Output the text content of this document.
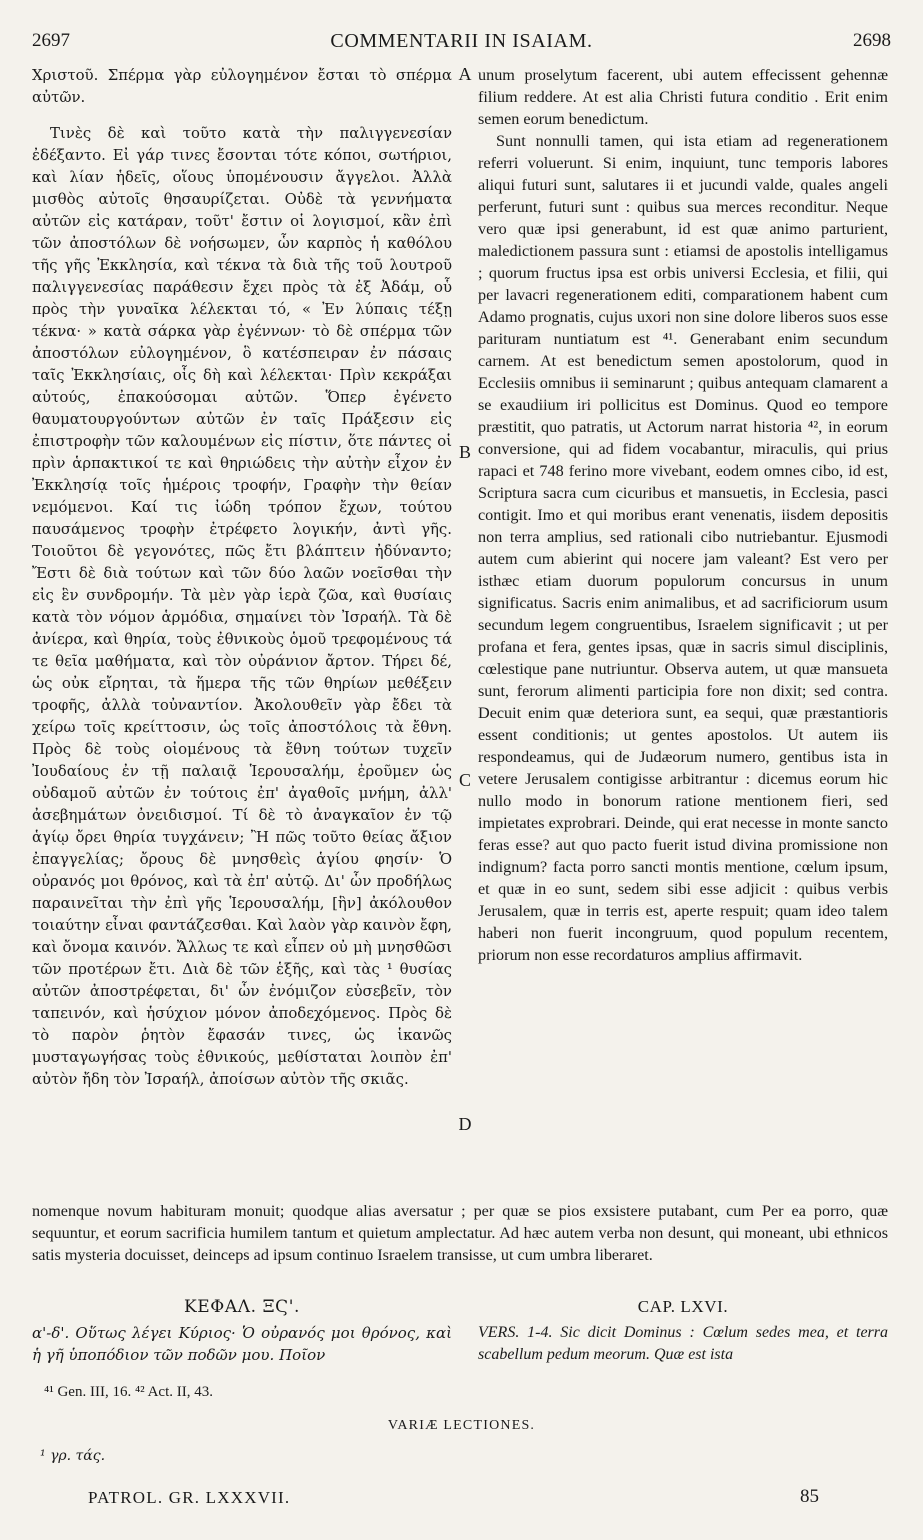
2697	COMMENTARII IN ISAIAM.	2698

Χριστοῦ. Σπέρμα γὰρ εὐλογημένον ἔσται τὸ σπέρμα αὐτῶν.

Τινὲς δὲ καὶ τοῦτο κατὰ τὴν παλιγγενεσίαν ἐδέξαντο. Εἰ γάρ τινες ἔσονται τότε κόποι, σωτήριοι, καὶ λίαν ἡδεῖς, οἵους ὑπομένουσιν ἄγγελοι. Ἀλλὰ μισθὸς αὐτοῖς θησαυρίζεται. Οὐδὲ τὰ γεννήματα αὐτῶν εἰς κατάραν, τοῦτ' ἔστιν οἱ λογισμοί, κἂν ἐπὶ τῶν ἀποστόλων δὲ νοήσωμεν, ὧν καρπὸς ἡ καθόλου τῆς γῆς Ἐκκλησία, καὶ τέκνα τὰ διὰ τῆς τοῦ λουτροῦ παλιγγενεσίας παράθεσιν ἔχει πρὸς τὰ ἐξ Ἀδάμ, οὗ πρὸς τὴν γυναῖκα λέλεκται τό, « Ἐν λύπαις τέξῃ τέκνα· » κατὰ σάρκα γὰρ ἐγέννων· τὸ δὲ σπέρμα τῶν ἀποστόλων εὐλογημένον, ὃ κατέσπειραν ἐν πάσαις ταῖς Ἐκκλησίαις, οἷς δὴ καὶ λέλεκται· Πρὶν κεκράξαι αὐτούς, ἐπακούσομαι αὐτῶν. Ὅπερ ἐγένετο θαυματουργούντων αὐτῶν ἐν ταῖς Πράξεσιν εἰς ἐπιστροφὴν τῶν καλουμένων εἰς πίστιν, ὅτε πάντες οἱ πρὶν ἁρπακτικοί τε καὶ θηριώδεις τὴν αὐτὴν εἶχον ἐν Ἐκκλησίᾳ τοῖς ἡμέροις τροφήν, Γραφὴν τὴν θείαν νεμόμενοι. Καί τις ἰώδη τρόπον ἔχων, τούτου παυσάμενος τροφὴν ἐτρέφετο λογικήν, ἀντὶ γῆς. Τοιοῦτοι δὲ γεγονότες, πῶς ἔτι βλάπτειν ἠδύναντο; Ἔστι δὲ διὰ τούτων καὶ τῶν δύο λαῶν νοεῖσθαι τὴν εἰς ἓν συνδρομήν. Τὰ μὲν γὰρ ἱερὰ ζῶα, καὶ θυσίαις κατὰ τὸν νόμον ἁρμόδια, σημαίνει τὸν Ἰσραήλ. Τὰ δὲ ἀνίερα, καὶ θηρία, τοὺς ἐθνικοὺς ὁμοῦ τρεφομένους τά τε θεῖα μαθήματα, καὶ τὸν οὐράνιον ἄρτον. Τήρει δέ, ὡς οὐκ εἴρηται, τὰ ἥμερα τῆς τῶν θηρίων μεθέξειν τροφῆς, ἀλλὰ τοὐναντίον. Ἀκολουθεῖν γὰρ ἔδει τὰ χείρω τοῖς κρείττοσιν, ὡς τοῖς ἀποστόλοις τὰ ἔθνη. Πρὸς δὲ τοὺς οἰομένους τὰ ἔθνη τούτων τυχεῖν Ἰουδαίους ἐν τῇ παλαιᾷ Ἱερουσαλήμ, ἐροῦμεν ὡς οὐδαμοῦ αὐτῶν ἐν τούτοις ἐπ' ἀγαθοῖς μνήμη, ἀλλ' ἀσεβημάτων ὀνειδισμοί. Τί δὲ τὸ ἀναγκαῖον ἐν τῷ ἁγίῳ ὄρει θηρία τυγχάνειν; Ἢ πῶς τοῦτο θείας ἄξιον ἐπαγγελίας; ὄρους δὲ μνησθεὶς ἁγίου φησίν· Ὁ οὐρανός μοι θρόνος, καὶ τὰ ἐπ' αὐτῷ. Δι' ὧν προδήλως παραινεῖται τὴν ἐπὶ γῆς Ἱερουσαλήμ, [ἣν] ἀκόλουθον τοιαύτην εἶναι φαντάζεσθαι. Καὶ λαὸν γὰρ καινὸν ἔφη, καὶ ὄνομα καινόν. Ἄλλως τε καὶ εἶπεν οὐ μὴ μνησθῶσι τῶν προτέρων ἔτι. Διὰ δὲ τῶν ἑξῆς, καὶ τὰς ¹ θυσίας αὐτῶν ἀποστρέφεται, δι' ὧν ἐνόμιζον εὐσεβεῖν, τὸν ταπεινόν, καὶ ἡσύχιον μόνον ἀποδεχόμενος. Πρὸς δὲ τὸ παρὸν ῥητὸν ἔφασάν τινες, ὡς ἱκανῶς μυσταγωγήσας τοὺς ἐθνικούς, μεθίσταται λοιπὸν ἐπ' αὐτὸν ἤδη τὸν Ἰσραήλ, ἀποίσων αὐτὸν τῆς σκιᾶς.

A
B
C
D

unum proselytum facerent, ubi autem effecissent gehennæ filium reddere. At est alia Christi futura conditio . Erit enim semen eorum benedictum.

Sunt nonnulli tamen, qui ista etiam ad regenerationem referri voluerunt. Si enim, inquiunt, tunc temporis labores aliqui futuri sunt, salutares ii et jucundi valde, quales angeli perferunt, futuri sunt : quibus sua merces reconditur. Neque vero quæ ipsi generabunt, id est quæ animo parturient, maledictionem passura sunt : etiamsi de apostolis intelligamus ; quorum fructus ipsa est orbis universi Ecclesia, et filii, qui per lavacri regenerationem editi, comparationem habent cum Adamo prognatis, cujus uxori non sine dolore liberos suos esse parituram nuntiatum est ⁴¹. Generabant enim secundum carnem. At est benedictum semen apostolorum, quod in Ecclesiis omnibus ii seminarunt ; quibus antequam clamarent a se exaudiium iri pollicitus est Dominus. Quod eo tempore præstitit, quo patratis, ut Actorum narrat historia ⁴², in eorum conversione, qui ad fidem vocabantur, miraculis, qui prius rapaci et 748 ferino more vivebant, eodem omnes cibo, id est, Scriptura sacra cum cicuribus et mansuetis, in Ecclesia, pasci contigit. Imo et qui moribus erant venenatis, iisdem depositis non terra amplius, sed rationali cibo nutriebantur. Ejusmodi autem cum abierint qui nocere jam valeant? Est vero per isthæc etiam duorum populorum concursus in unum significatus. Sacris enim animalibus, et ad sacrificiorum usum secundum legem congruentibus, Israelem significavit ; ut per profana et fera, gentes ipsas, quæ in sacris simul disciplinis, cœlestique pane nutriuntur. Observa autem, ut quæ mansueta sunt, ferorum alimenti participia fore non dixit; sed contra. Decuit enim quæ deteriora sunt, ea sequi, quæ præstantioris essent conditionis; ut gentes apostolos. Ut autem iis respondeamus, qui de Judæorum numero, gentibus ista in vetere Jerusalem contigisse arbitrantur : dicemus eorum hic nullo modo in bonorum ratione mentionem fieri, sed impietates exprobrari. Deinde, qui erat necesse in monte sancto feras esse? aut quo pacto fuerit istud divina promissione non indignum? facta porro sancti montis mentione, cœlum ipsum, et quæ in eo sunt, sedem sibi esse adjicit : quibus verbis Jerusalem, quæ in terris est, aperte respuit; quam ideo talem haberi non fuerit incongruum, quod populum recentem, priorum non esse recordaturos amplius affirmavit.

nomenque novum habituram monuit; quodque alias aversatur ; per quæ se pios exsistere putabant, cum Per ea porro, quæ sequuntur, et eorum sacrificia humilem tantum et quietum amplectatur. Ad hæc autem verba non desunt, qui moneant, ubi ethnicos satis mysteria docuisset, deinceps ad ipsum continuo Israelem transisse, ut cum umbra liberaret.

ΚΕΦΑΛ. ΞϚ'.	CAP. LXVI.
α'-δ'. Οὕτως λέγει Κύριος· Ὁ οὐρανός μοι θρόνος, καὶ ἡ γῆ ὑποπόδιον τῶν ποδῶν μου. Ποῖον
VERS. 1-4. Sic dicit Dominus : Cœlum sedes mea, et terra scabellum pedum meorum. Quæ est ista
⁴¹ Gen. III, 16. ⁴² Act. II, 43.
VARIÆ LECTIONES.
¹ γρ. τάς.
PATROL. GR. LXXXVII.	85
